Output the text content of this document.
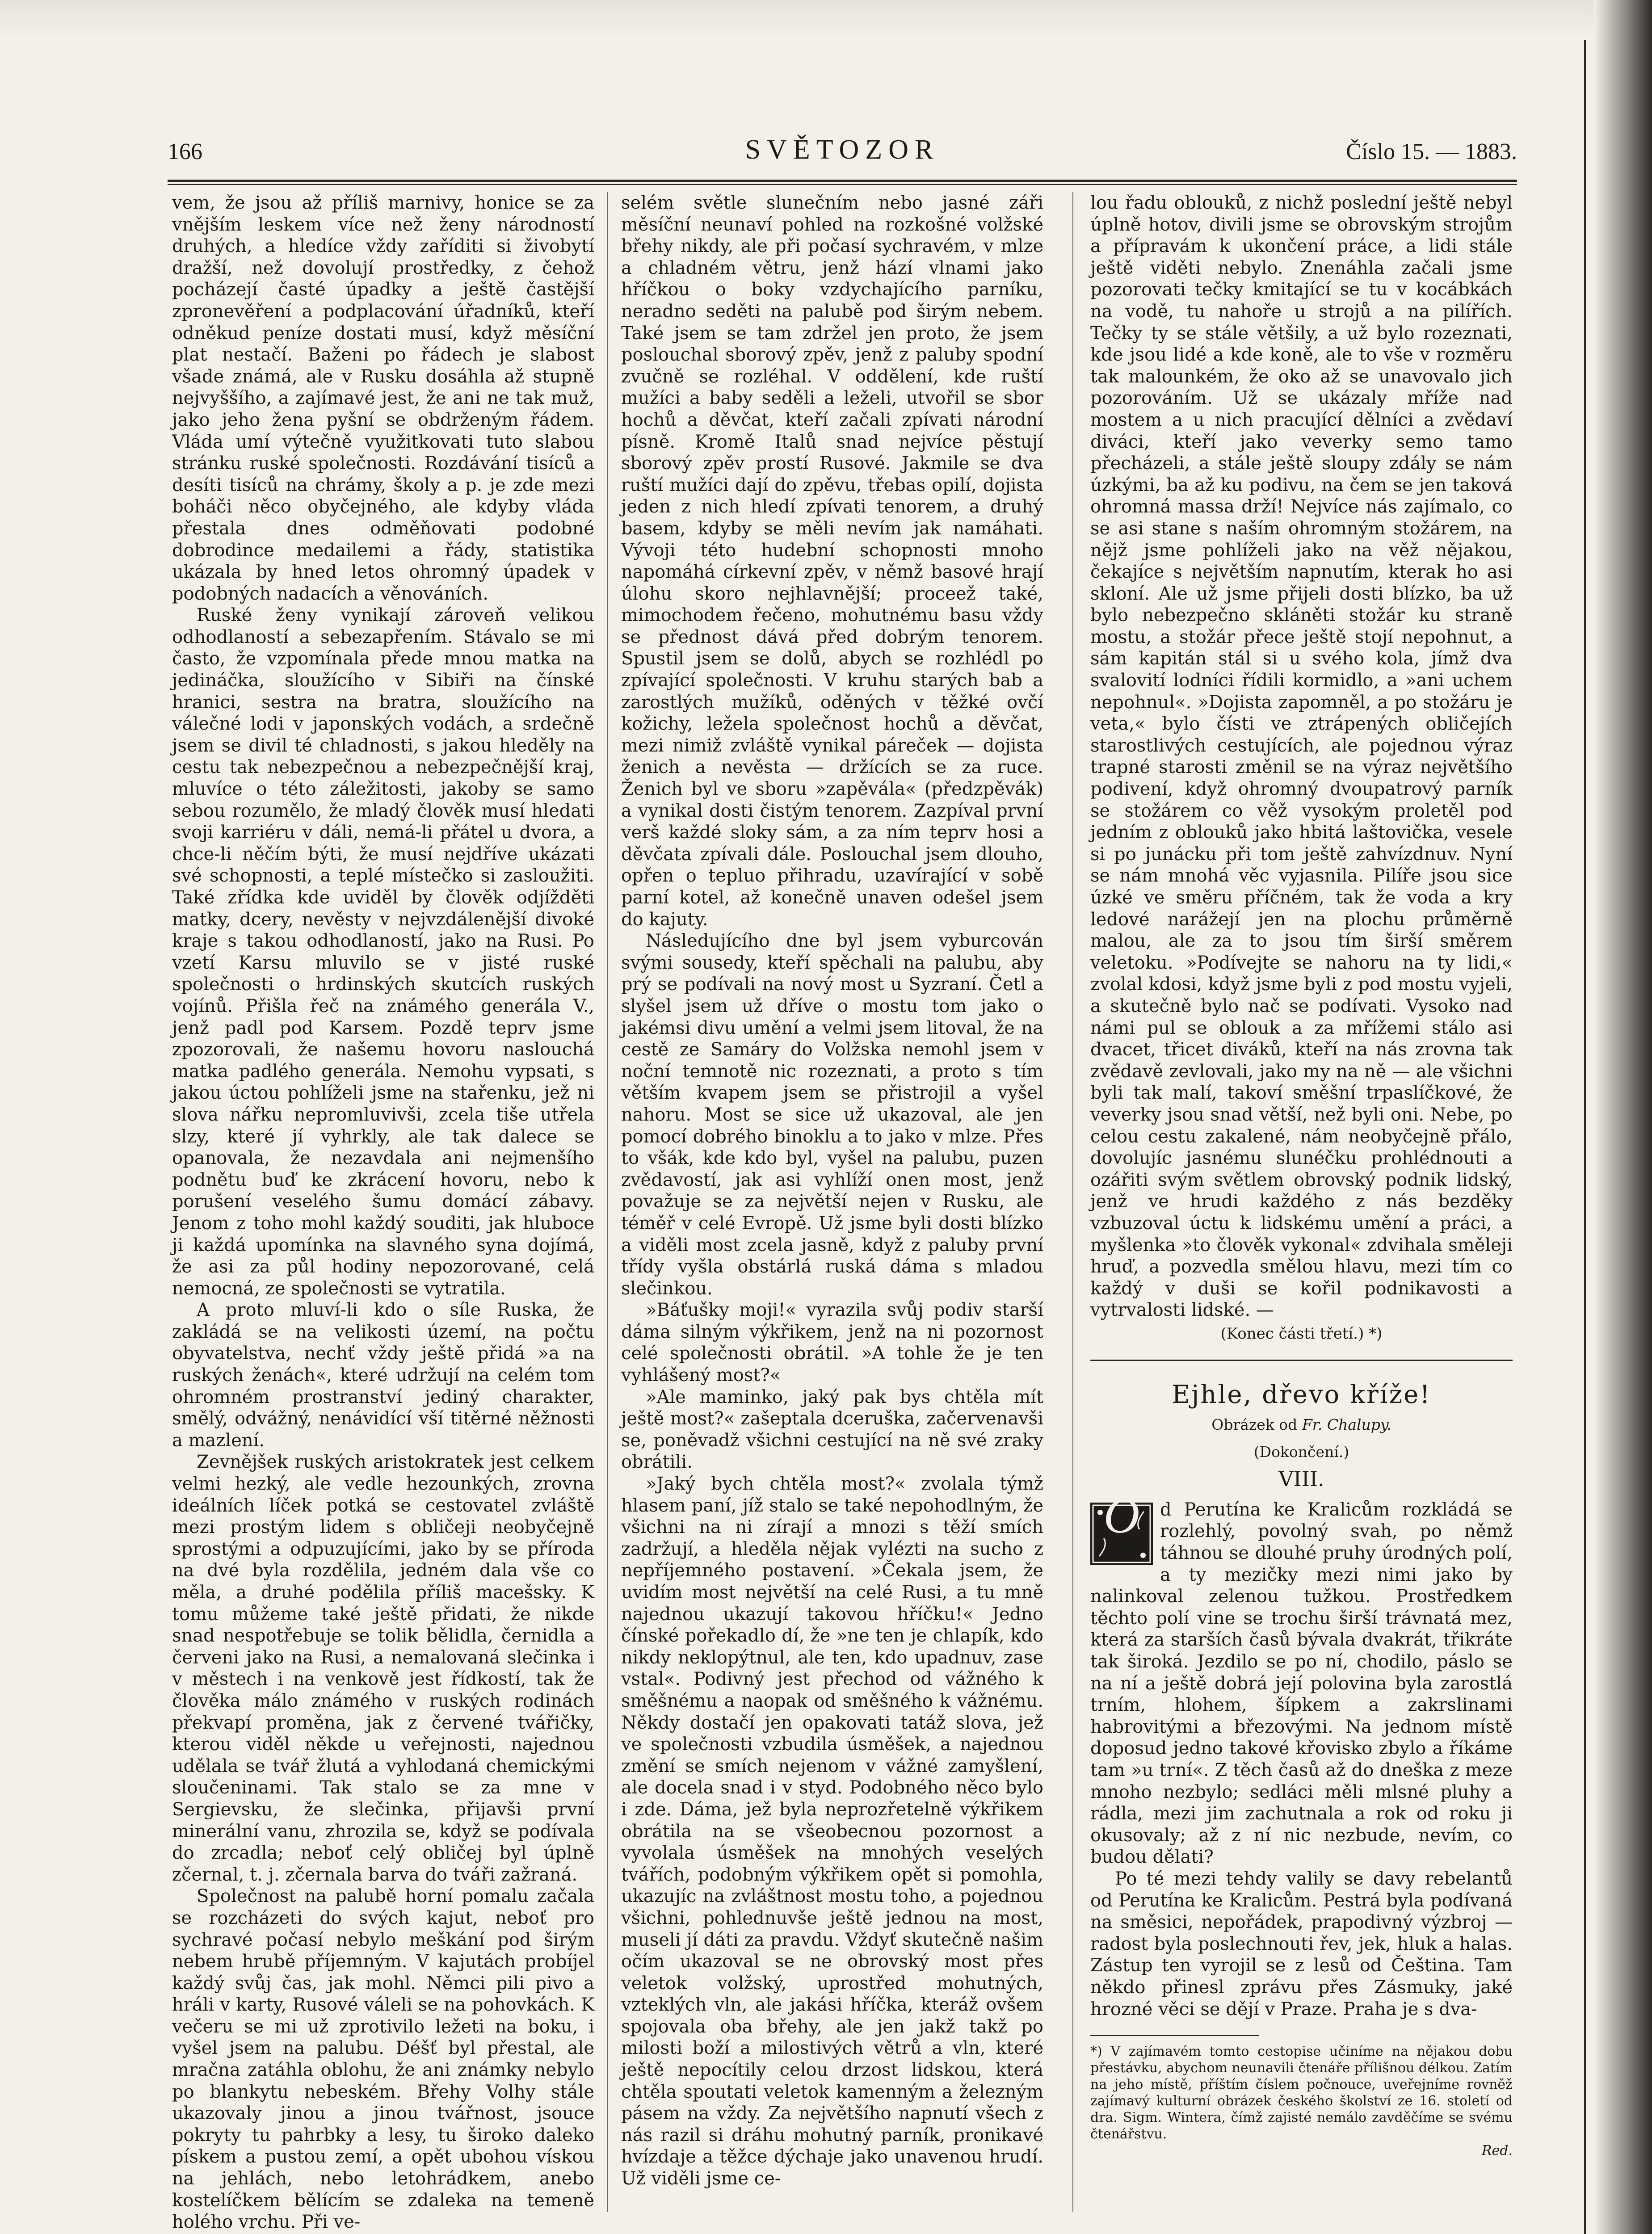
166	SVĚTOZOR	Číslo 15. — 1883.

vem, že jsou až příliš marnivy, honice se za vnějším leskem více než ženy národností druhých, a hledíce vždy zaříditi si živobytí dražší, než dovolují prostředky, z čehož pocházejí časté úpadky a ještě častější zpronevěření a podplacování úřadníků, kteří odněkud peníze dostati musí, když měsíční plat nestačí. Baženi po řádech je slabost všade známá, ale v Rusku dosáhla až stupně nejvyššího, a zajímavé jest, že ani ne tak muž, jako jeho žena pyšní se obdrženým řádem. Vláda umí výtečně využitkovati tuto slabou stránku ruské společnosti. Rozdávání tisíců a desíti tisíců na chrámy, školy a p. je zde mezi boháči něco obyčejného, ale kdyby vláda přestala dnes odměňovati podobné dobrodince medailemi a řády, statistika ukázala by hned letos ohromný úpadek v podobných nadacích a věnováních.

Ruské ženy vynikají zároveň velikou odhodlaností a sebezapřením. Stávalo se mi často, že vzpomínala přede mnou matka na jedináčka, sloužícího v Sibiři na čínské hranici, sestra na bratra, sloužícího na válečné lodi v japonských vodách, a srdečně jsem se divil té chladnosti, s jakou hleděly na cestu tak nebezpečnou a nebezpečnější kraj, mluvíce o této záležitosti, jakoby se samo sebou rozumělo, že mladý člověk musí hledati svoji karriéru v dáli, nemá-li přátel u dvora, a chce-li něčím býti, že musí nejdříve ukázati své schopnosti, a teplé místečko si zasloužiti. Také zřídka kde uviděl by člověk odjížděti matky, dcery, nevěsty v nejvzdálenější divoké kraje s takou odhodlaností, jako na Rusi. Po vzetí Karsu mluvilo se v jisté ruské společnosti o hrdinských skutcích ruských vojínů. Přišla řeč na známého generála V., jenž padl pod Karsem. Pozdě teprv jsme zpozorovali, že našemu hovoru naslouchá matka padlého generála. Nemohu vypsati, s jakou úctou pohlíželi jsme na stařenku, jež ni slova nářku nepromluvivši, zcela tiše utřela slzy, které jí vyhrkly, ale tak dalece se opanovala, že nezavdala ani nejmenšího podnětu buď ke zkrácení hovoru, nebo k porušení veselého šumu domácí zábavy. Jenom z toho mohl každý souditi, jak hluboce ji každá upomínka na slavného syna dojímá, že asi za půl hodiny nepozorované, celá nemocná, ze společnosti se vytratila.

A proto mluví-li kdo o síle Ruska, že zakládá se na velikosti území, na počtu obyvatelstva, nechť vždy ještě přidá »a na ruských ženách«, které udržují na celém tom ohromném prostranství jediný charakter, smělý, odvážný, nenávidící vší titěrné něžnosti a mazlení.

Zevnějšek ruských aristokratek jest celkem velmi hezký, ale vedle hezounkých, zrovna ideálních líček potká se cestovatel zvláště mezi prostým lidem s obličeji neobyčejně sprostými a odpuzujícími, jako by se příroda na dvé byla rozdělila, jedném dala vše co měla, a druhé podělila příliš macešsky. K tomu můžeme také ještě přidati, že nikde snad nespotřebuje se tolik bělidla, černidla a červeni jako na Rusi, a nemalovaná slečinka i v městech i na venkově jest řídkostí, tak že člověka málo známého v ruských rodinách překvapí proměna, jak z červené tvářičky, kterou viděl někde u veřejnosti, najednou udělala se tvář žlutá a vyhlodaná chemickými sloučeninami. Tak stalo se za mne v Sergievsku, že slečinka, přijavši první minerální vanu, zhrozila se, když se podívala do zrcadla; neboť celý obličej byl úplně zčernal, t. j. zčernala barva do tváři zažraná.

Společnost na palubě horní pomalu začala se rozcházeti do svých kajut, neboť pro sychravé počasí nebylo meškání pod širým nebem hrubě příjemným. V kajutách probíjel každý svůj čas, jak mohl. Němci pili pivo a hráli v karty, Rusové váleli se na pohovkách. K večeru se mi už zprotivilo ležeti na boku, i vyšel jsem na palubu. Déšť byl přestal, ale mračna zatáhla oblohu, že ani známky nebylo po blankytu nebeském. Břehy Volhy stále ukazovaly jinou a jinou tvářnost, jsouce pokryty tu pahrbky a lesy, tu široko daleko pískem a pustou zemí, a opět ubohou vískou na jehlách, nebo letohrádkem, anebo kostelíčkem bělícím se zdaleka na temeně holého vrchu. Při ve-

selém světle slunečním nebo jasné záři měsíční neunaví pohled na rozkošné volžské břehy nikdy, ale při počasí sychravém, v mlze a chladném větru, jenž hází vlnami jako hříčkou o boky vzdychajícího parníku, neradno seděti na palubě pod širým nebem. Také jsem se tam zdržel jen proto, že jsem poslouchal sborový zpěv, jenž z paluby spodní zvučně se rozléhal. V oddělení, kde ruští mužíci a baby seděli a leželi, utvořil se sbor hochů a děvčat, kteří začali zpívati národní písně. Kromě Italů snad nejvíce pěstují sborový zpěv prostí Rusové. Jakmile se dva ruští mužíci dají do zpěvu, třebas opilí, dojista jeden z nich hledí zpívati tenorem, a druhý basem, kdyby se měli nevím jak namáhati. Vývoji této hudební schopnosti mnoho napomáhá církevní zpěv, v němž basové hrají úlohu skoro nejhlavnější; proceež také, mimochodem řečeno, mohutnému basu vždy se přednost dává před dobrým tenorem. Spustil jsem se dolů, abych se rozhlédl po zpívající společnosti. V kruhu starých bab a zarostlých mužíků, oděných v těžké ovčí kožichy, ležela společnost hochů a děvčat, mezi nimiž zvláště vynikal páreček — dojista ženich a nevěsta — držících se za ruce. Ženich byl ve sboru »zapěvála« (předzpěvák) a vynikal dosti čistým tenorem. Zazpíval první verš každé sloky sám, a za ním teprv hosi a děvčata zpívali dále. Poslouchal jsem dlouho, opřen o tepluo přihradu, uzavírající v sobě parní kotel, až konečně unaven odešel jsem do kajuty.

Následujícího dne byl jsem vyburcován svými sousedy, kteří spěchali na palubu, aby prý se podívali na nový most u Syzraní. Četl a slyšel jsem už dříve o mostu tom jako o jakémsi divu umění a velmi jsem litoval, že na cestě ze Samáry do Volžska nemohl jsem v noční temnotě nic rozeznati, a proto s tím větším kvapem jsem se přistrojil a vyšel nahoru. Most se sice už ukazoval, ale jen pomocí dobrého binoklu a to jako v mlze. Přes to všák, kde kdo byl, vyšel na palubu, puzen zvědavostí, jak asi vyhlíží onen most, jenž považuje se za největší nejen v Rusku, ale téměř v celé Evropě. Už jsme byli dosti blízko a viděli most zcela jasně, když z paluby první třídy vyšla obstárlá ruská dáma s mladou slečinkou.

»Báťušky moji!« vyrazila svůj podiv starší dáma silným výkřikem, jenž na ni pozornost celé společnosti obrátil. »A tohle že je ten vyhlášený most?«

»Ale maminko, jaký pak bys chtěla mít ještě most?« zašeptala dceruška, začervenavši se, poněvadž všichni cestující na ně své zraky obrátili.

»Jaký bych chtěla most?« zvolala týmž hlasem paní, jíž stalo se také nepohodlným, že všichni na ni zírají a mnozi s těží smích zadržují, a hleděla nějak vylézti na sucho z nepříjemného postavení. »Čekala jsem, že uvidím most největší na celé Rusi, a tu mně najednou ukazují takovou hříčku!« Jedno čínské pořekadlo dí, že »ne ten je chlapík, kdo nikdy neklopýtnul, ale ten, kdo upadnuv, zase vstal«. Podivný jest přechod od vážného k směšnému a naopak od směšného k vážnému. Někdy dostačí jen opakovati tatáž slova, jež ve společnosti vzbudila úsměšek, a najednou změní se smích nejenom v vážné zamyšlení, ale docela snad i v styd. Podobného něco bylo i zde. Dáma, jež byla neprozřetelně výkřikem obrátila na se všeobecnou pozornost a vyvolala úsměšek na mnohých veselých tvářích, podobným výkřikem opět si pomohla, ukazujíc na zvláštnost mostu toho, a pojednou všichni, pohlednuvše ještě jednou na most, museli jí dáti za pravdu. Vždyť skutečně našim očím ukazoval se ne obrovský most přes veletok volžský, uprostřed mohutných, vzteklých vln, ale jakási hříčka, kteráž ovšem spojovala oba břehy, ale jen jakž takž po milosti boží a milostivých větrů a vln, které ještě nepocítily celou drzost lidskou, která chtěla spoutati veletok kamenným a železným pásem na vždy. Za největšího napnutí všech z nás razil si dráhu mohutný parník, pronikavé hvízdaje a těžce dýchaje jako unavenou hrudí. Už viděli jsme ce-

lou řadu oblouků, z nichž poslední ještě nebyl úplně hotov, divili jsme se obrovským strojům a přípravám k ukončení práce, a lidi stále ještě viděti nebylo. Znenáhla začali jsme pozorovati tečky kmitající se tu v kocábkách na vodě, tu nahoře u strojů a na pilířích. Tečky ty se stále většily, a už bylo rozeznati, kde jsou lidé a kde koně, ale to vše v rozměru tak malounkém, že oko až se unavovalo jich pozorováním. Už se ukázaly mříže nad mostem a u nich pracující dělníci a zvědaví diváci, kteří jako veverky semo tamo přecházeli, a stále ještě sloupy zdály se nám úzkými, ba až ku podivu, na čem se jen taková ohromná massa drží! Nejvíce nás zajímalo, co se asi stane s naším ohromným stožárem, na nějž jsme pohlíželi jako na věž nějakou, čekajíce s největším napnutím, kterak ho asi skloní. Ale už jsme přijeli dosti blízko, ba už bylo nebezpečno skláněti stožár ku straně mostu, a stožár přece ještě stojí nepohnut, a sám kapitán stál si u svého kola, jímž dva svalovití lodníci řídili kormidlo, a »ani uchem nepohnul«. »Dojista zapomněl, a po stožáru je veta,« bylo čísti ve ztrápených obličejích starostlivých cestujících, ale pojednou výraz trapné starosti změnil se na výraz největšího podivení, když ohromný dvoupatrový parník se stožárem co věž vysokým proletěl pod jedním z oblouků jako hbitá laštovička, vesele si po junácku při tom ještě zahvízdnuv. Nyní se nám mnohá věc vyjasnila. Pilíře jsou sice úzké ve směru příčném, tak že voda a kry ledové narážejí jen na plochu průměrně malou, ale za to jsou tím širší směrem veletoku. »Podívejte se nahoru na ty lidi,« zvolal kdosi, když jsme byli z pod mostu vyjeli, a skutečně bylo nač se podívati. Vysoko nad námi pul se oblouk a za mřížemi stálo asi dvacet, třicet diváků, kteří na nás zrovna tak zvědavě zevlovali, jako my na ně — ale všichni byli tak malí, takoví směšní trpaslíčkové, že veverky jsou snad větší, než byli oni. Nebe, po celou cestu zakalené, nám neobyčejně přálo, dovolujíc jasnému slunéčku prohlédnouti a ozářiti svým světlem obrovský podnik lidský, jenž ve hrudi každého z nás bezděky vzbuzoval úctu k lidskému umění a práci, a myšlenka »to člověk vykonal« zdvihala směleji hruď, a pozvedla smělou hlavu, mezi tím co každý v duši se kořil podnikavosti a vytrvalosti lidské. —

(Konec části třetí.) *)
Ejhle, dřevo kříže!
Obrázek od Fr. Chalupy.
(Dokončení.)
VIII.
O	d Perutína ke Kralicům rozkládá se rozlehlý, povolný svah, po němž táhnou se dlouhé pruhy úrodných polí, a ty mezičky mezi nimi jako by nalinkoval zelenou tužkou. Prostředkem těchto polí vine se trochu širší trávnatá mez, která za starších časů bývala dvakrát, třikráte tak široká. Jezdilo se po ní, chodilo, páslo se na ní a ještě dobrá její polovina byla zarostlá trním, hlohem, šípkem a zakrslinami habrovitými a březovými. Na jednom místě doposud jedno takové křovisko zbylo a říkáme tam »u trní«. Z těch časů až do dneška z meze mnoho nezbylo; sedláci měli mlsné pluhy a rádla, mezi jim zachutnala a rok od roku ji okusovaly; až z ní nic nezbude, nevím, co budou dělati?

Po té mezi tehdy valily se davy rebelantů od Perutína ke Kralicům. Pestrá byla podívaná na směsici, nepořádek, prapodivný výzbroj — radost byla poslechnouti řev, jek, hluk a halas. Zástup ten vyrojil se z lesů od Čeština. Tam někdo přinesl zprávu přes Zásmuky, jaké hrozné věci se dějí v Praze. Praha je s dva-

*) V zajímavém tomto cestopise učiníme na nějakou dobu přestávku, abychom neunavili čtenáře přílišnou délkou. Zatím na jeho místě, příštím číslem počnouce, uveřejníme rovněž zajímavý kulturní obrázek českého školství ze 16. století od dra. Sigm. Wintera, čímž zajisté nemálo zavděčíme se svému čtenářstvu.
Red.
